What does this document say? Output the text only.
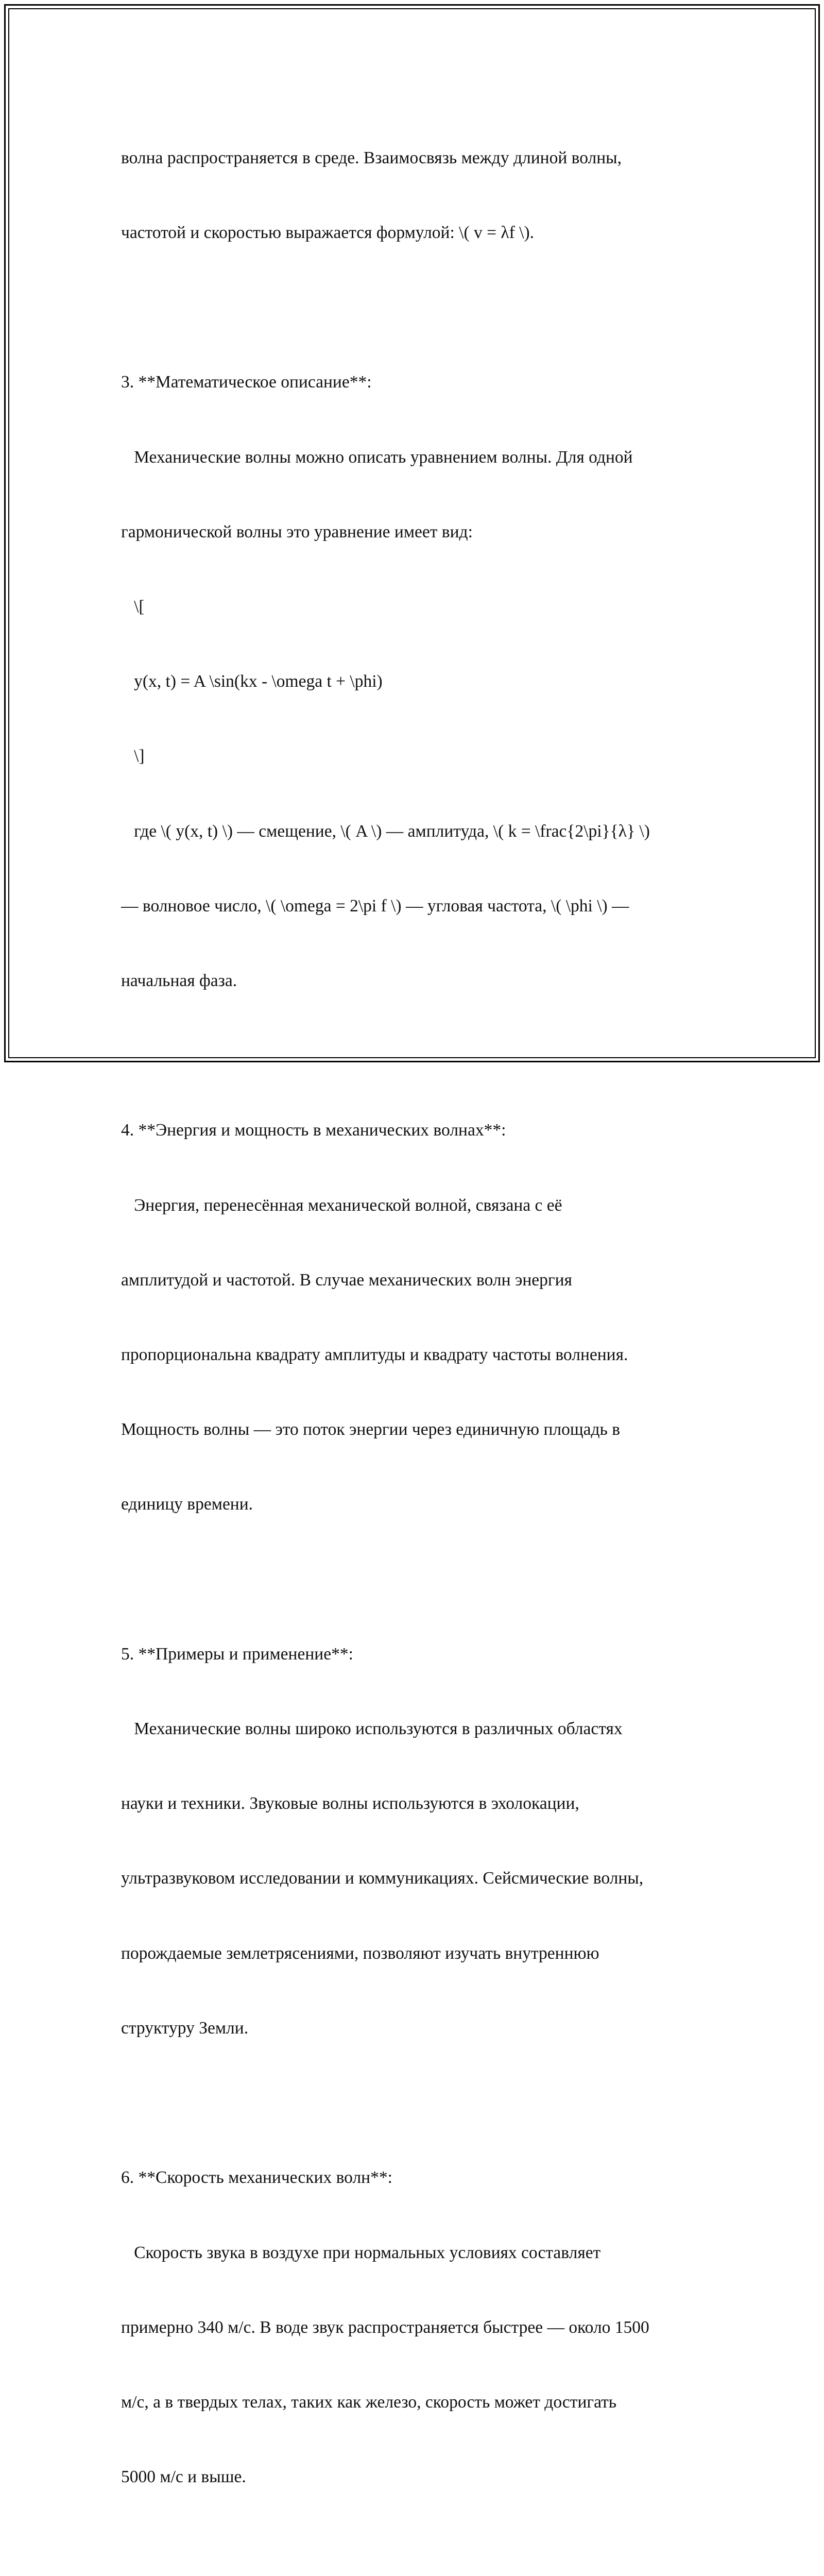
волна распространяется в среде. Взаимосвязь между длиной волны,

частотой и скоростью выражается формулой: \( v = λf \).

3. **Математическое описание**:

Механические волны можно описать уравнением волны. Для одной

гармонической волны это уравнение имеет вид:

\[

y(x, t) = A \sin(kx - \omega t + \phi)

\]

где \( y(x, t) \) — смещение, \( A \) — амплитуда, \( k = \frac{2\pi}{λ} \)

— волновое число, \( \omega = 2\pi f \) — угловая частота, \( \phi \) —

начальная фаза.

4. **Энергия и мощность в механических волнах**:

Энергия, перенесённая механической волной, связана с её

амплитудой и частотой. В случае механических волн энергия

пропорциональна квадрату амплитуды и квадрату частоты волнения.

Мощность волны — это поток энергии через единичную площадь в

единицу времени.

5. **Примеры и применение**:

Механические волны широко используются в различных областях

науки и техники. Звуковые волны используются в эхолокации,

ультразвуковом исследовании и коммуникациях. Сейсмические волны,

порождаемые землетрясениями, позволяют изучать внутреннюю

структуру Земли.

6. **Скорость механических волн**:

Скорость звука в воздухе при нормальных условиях составляет

примерно 340 м/с. В воде звук распространяется быстрее — около 1500

м/с, а в твердых телах, таких как железо, скорость может достигать

5000 м/с и выше.
